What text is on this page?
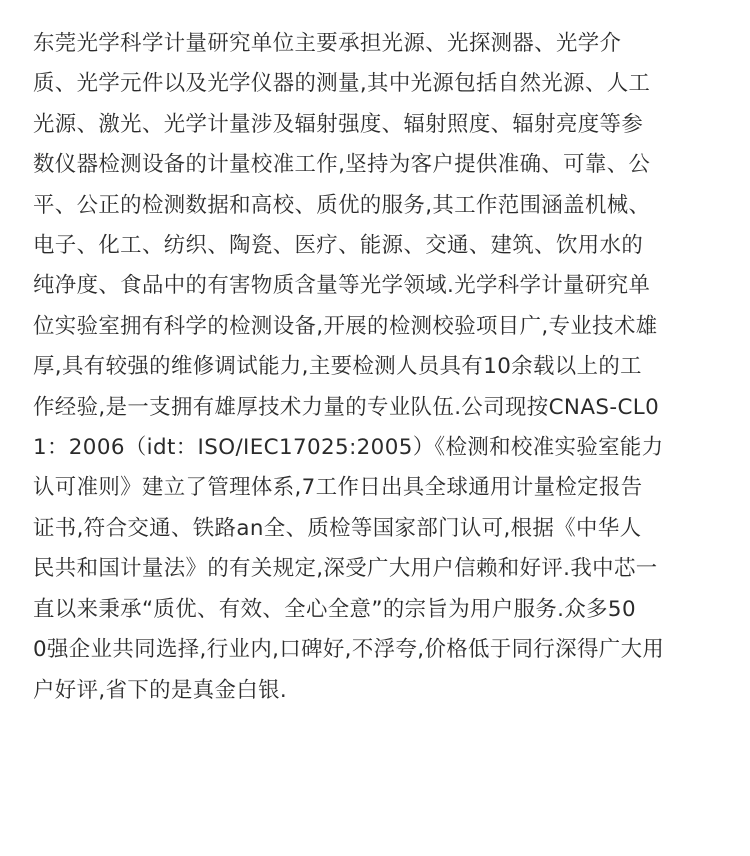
东莞光学科学计量研究单位主要承担光源、光探测器、光学介
质、光学元件以及光学仪器的测量,其中光源包括自然光源、人工
光源、激光、光学计量涉及辐射强度、辐射照度、辐射亮度等参
数仪器检测设备的计量校准工作,坚持为客户提供准确、可靠、公
平、公正的检测数据和高校、质优的服务,其工作范围涵盖机械、
电子、化工、纺织、陶瓷、医疗、能源、交通、建筑、饮用水的
纯净度、食品中的有害物质含量等光学领域.光学科学计量研究单
位实验室拥有科学的检测设备,开展的检测校验项目广,专业技术雄
厚,具有较强的维修调试能力,主要检测人员具有10余载以上的工
作经验,是一支拥有雄厚技术力量的专业队伍.公司现按CNAS-CL0
1：2006（idt：ISO/IEC17025:2005）《检测和校准实验室能力
认可准则》建立了管理体系,7工作日出具全球通用计量检定报告
证书,符合交通、铁路an全、质检等国家部门认可,根据《中华人
民共和国计量法》的有关规定,深受广大用户信赖和好评.我中芯一
直以来秉承“质优、有效、全心全意”的宗旨为用户服务.众多50
0强企业共同选择,行业内,口碑好,不浮夸,价格低于同行深得广大用
户好评,省下的是真金白银.
